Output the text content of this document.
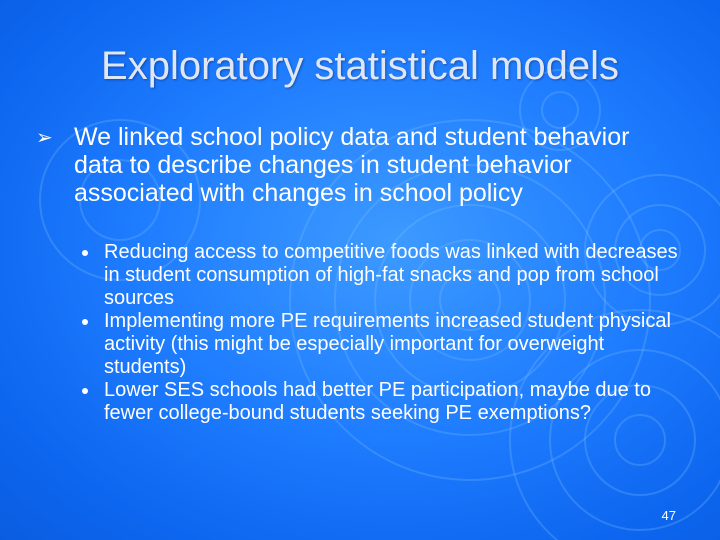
Exploratory statistical models
➢ We linked school policy data and student behavior data to describe changes in student behavior associated with changes in school policy
Reducing access to competitive foods was linked with decreases in student consumption of high-fat snacks and pop from school sources
Implementing more PE requirements increased student physical activity (this might be especially important for overweight students)
Lower SES schools had better PE participation, maybe due to fewer college-bound students seeking PE exemptions?
47
